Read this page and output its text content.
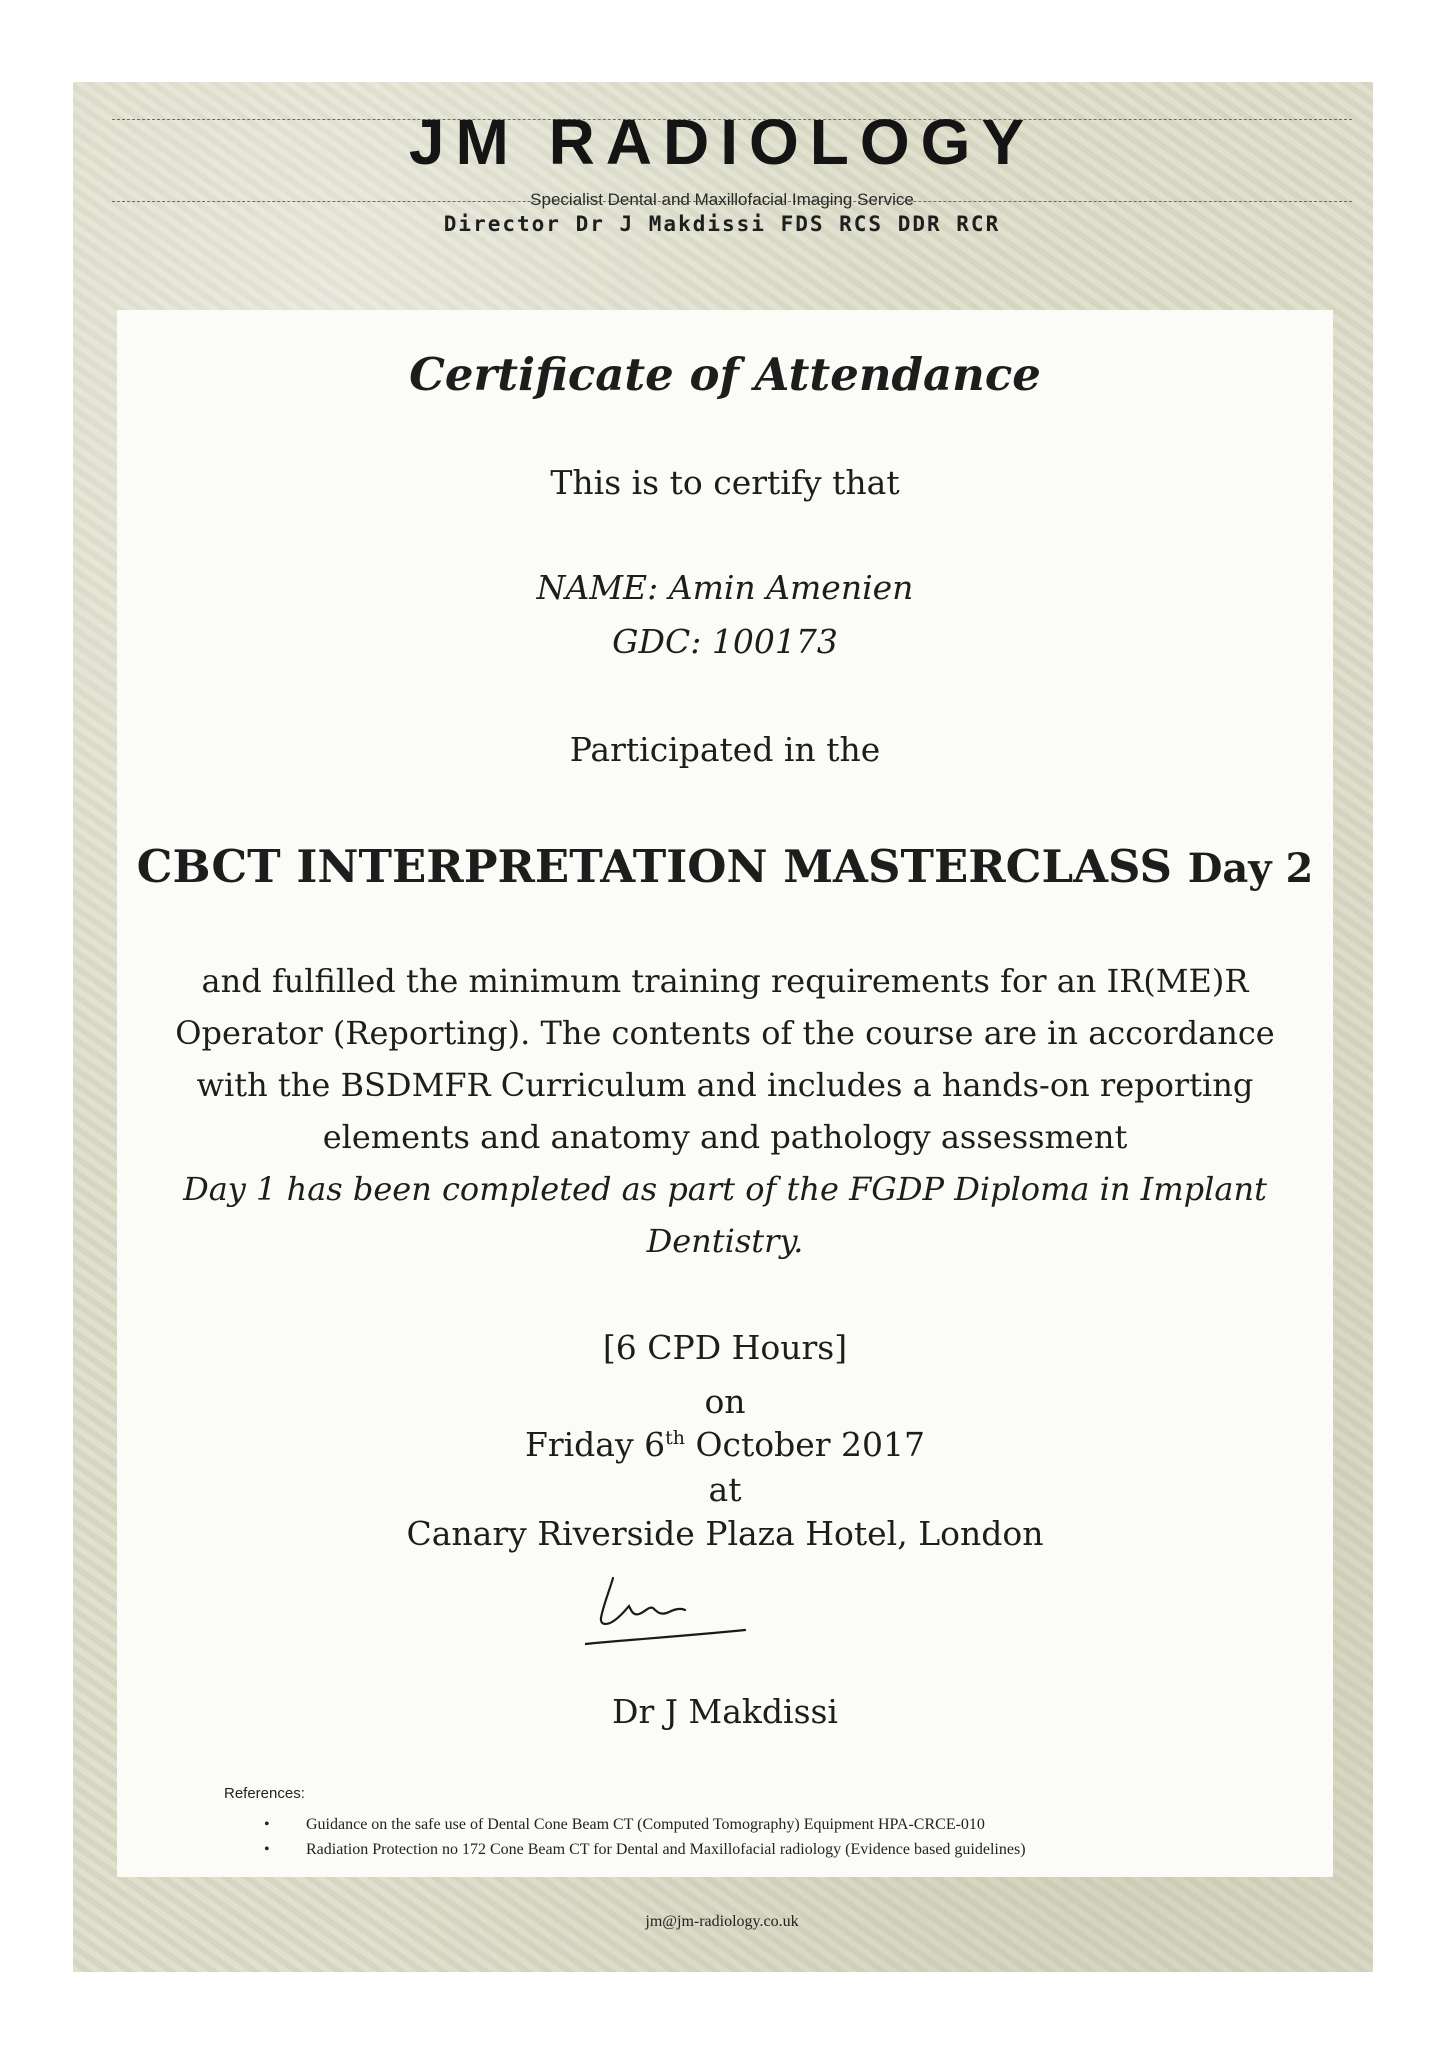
JM RADIOLOGY
Specialist Dental and Maxillofacial Imaging Service
Director Dr J Makdissi FDS RCS DDR RCR
Certificate of Attendance
This is to certify that
NAME: Amin Amenien
GDC: 100173
Participated in the
CBCT INTERPRETATION MASTERCLASS Day 2
and fulfilled the minimum training requirements for an IR(ME)R Operator (Reporting). The contents of the course are in accordance with the BSDMFR Curriculum and includes a hands-on reporting elements and anatomy and pathology assessment
Day 1 has been completed as part of the FGDP Diploma in Implant Dentistry.
[6 CPD Hours]
on
Friday 6th October 2017
at
Canary Riverside Plaza Hotel, London
Dr J Makdissi
References:
• Guidance on the safe use of Dental Cone Beam CT (Computed Tomography) Equipment HPA-CRCE-010
• Radiation Protection no 172 Cone Beam CT for Dental and Maxillofacial radiology (Evidence based guidelines)
jm@jm-radiology.co.uk
